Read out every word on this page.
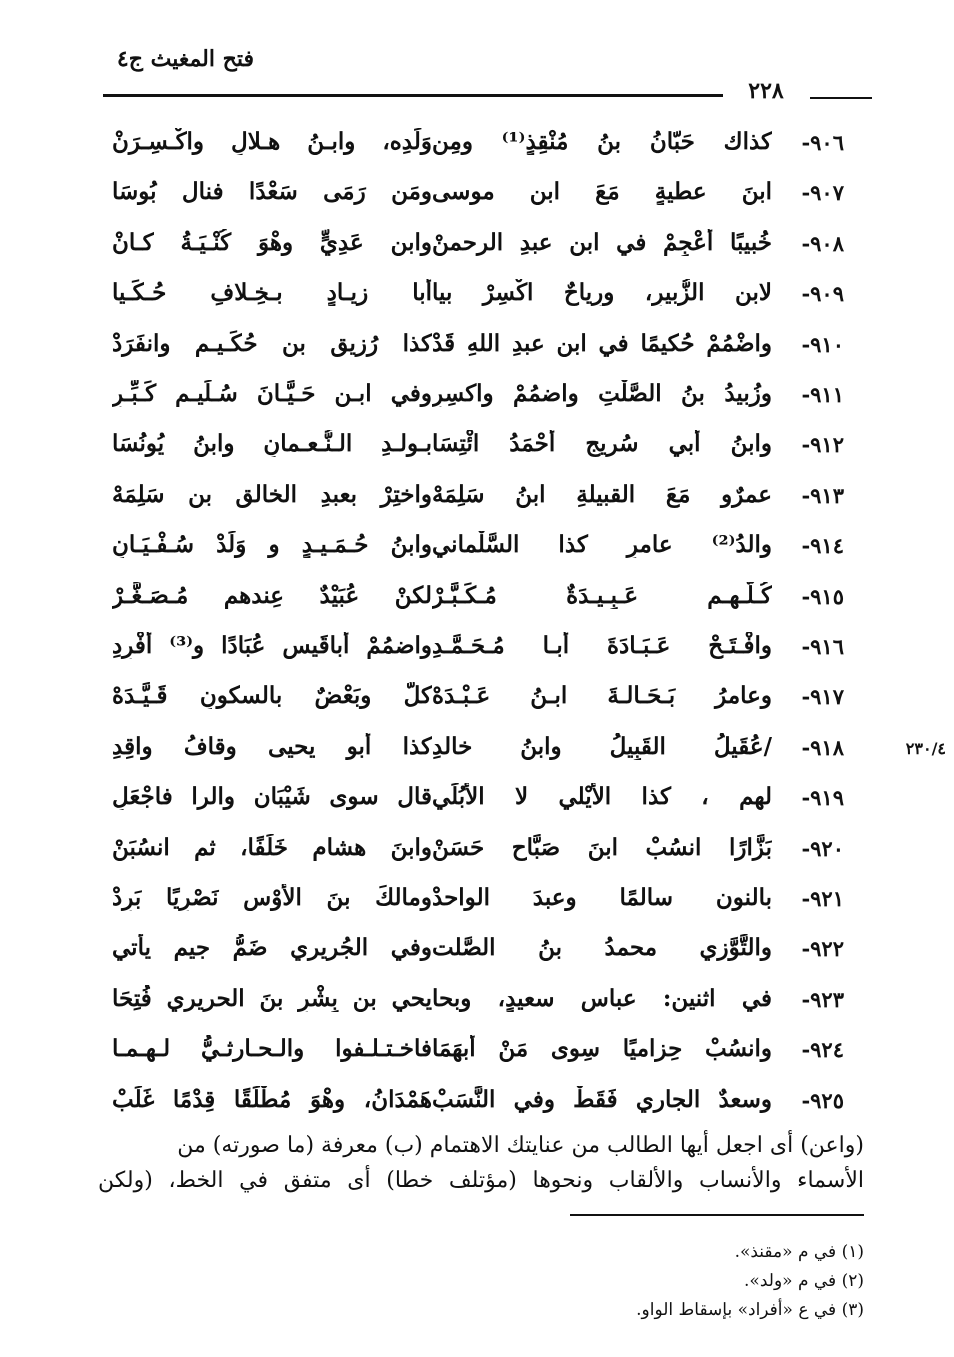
فتح المغيث ج٤
٢٢٨
٩٠٦-
كذاك حَبّانُ بنُ مُنْقِذٍ⁽¹⁾ ومِن
وَلَدِه، وابـنُ هـلالٍ واكْـسِـرَنْ
٩٠٧-
ابنَ عطيةٍ مَعَ ابنِ موسى
ومَن رَمَى سَعْدًا فنال بُوسَا
٩٠٨-
خُبيبًا أَعْجِمْ في ابنِ عبدِ الرحمنْ
وابنِ عَدِيٍّ وهْوَ كُنْـيَـةُ كـانْ
٩٠٩-
لابنِ الزُّبيرِ، ورِياحٌ اكْسِرْ بيا
أبا زيـادٍ بـخِـلافِ حُـكَـيا
٩١٠-
واضْمُمْ حُكيمًا في ابنِ عبدِ اللهِ قَدْ
كذا رُزيق بنِ حُكَـيـمٍ وانفَرَدْ
٩١١-
وزُبيدُ بنُ الصَّلْتِ واضمُمْ واكسِرِ
وفي ابـنِ حَـيَّـانَ سُـلَيـمٍ كَـبِّـرِ
٩١٢-
وابنُ أبي سُريج أَحْمَدُ ائْتِسَا
بـولـدِ الـنُّـعـمانِ وابنُ يُونُسَا
٩١٣-
عمرٌو مَعَ القبيلةِ ابنُ سَلِمَهْ
واختِرْ بعبدِ الخالقِ بنِ سَلِمَهْ
٩١٤-
والدُ⁽²⁾ عامرٍ كذا السَّلْماني
وابنُ حُـمَـيـدٍ و وَلَدْ سُـفْـيَـانِ
٩١٥-
كُـلُّـهـم عَـبِـيـدَةٌ مُـكَـبَّـرْ
لكنْ عُبَيْدٌ عِندهم مُـصَـغَّـرْ
٩١٦-
وافْـتَـحْ عَـبَـادَةَ أبـا مُـحَـمَّـدِ
واضمُمْ أباقَيسٍ عُبَادًا و⁽³⁾ أَفْرِدِ
٩١٧-
وعامرُ بَـحَـالـةَ ابـنُ عَـبْـدَهْ
كلٌّ وبَعْضٌ بالسكونِ قَـيَّـدَهْ
٩١٨-
/عُقَيلُ القَبِيلُ وابنُ خالدِ
كذا أبو يحيى وقافُ واقِدِ	٢٣٠/٤
٩١٩-
لهم ، كذا الأَيْلي لا الأُبُلِّي
قال سوى شَيْبَان والرا فاجْعَلِ
٩٢٠-
بَزَّارًا انسُبْ ابنَ صَبَّاحٍ حَسَنْ
وابنَ هشامٍ خَلَفًا، ثم انسُبَنْ
٩٢١-
بالنون سالمًا وعبدَ الواحدْ
ومالكَ بنَ الأَوْسِ نَصْرِيًا بَرِدْ
٩٢٢-
والتَّوَّزي محمدُ بنُ الصَّلت
وفي الجُريري ضَمُّ جيمٍ يأتي
٩٢٣-
في اثنين: عباسٍ سعيدٍ، وبحا
يحي بن بِشْرِ بنَ الحريري فُتِحَا
٩٢٤-
وانسُبْ حِزاميًا سِوى مَنْ أَبهَمَا
فاخـتـلـفوا والـحـارثـيُّ لـهـمـا
٩٢٥-
وسعدٌ الجاري فَقَطْ وفي النَّسَبْ
هَمْدَانُ، وهْوَ مُطْلَقًا قِدْمًا غَلَبْ

(واعن) أى اجعل أيها الطالب من عنايتك الاهتمام (ب) معرفة (ما صورته) من

الأسماء والأنساب والألقاب ونحوها (مؤتلف خطا) أى متفق في الخط، (ولكن

(١) في م «مقنذ».
(٢) في م «ولد».
(٣) في ع «أفراد» بإسقاط الواو.
